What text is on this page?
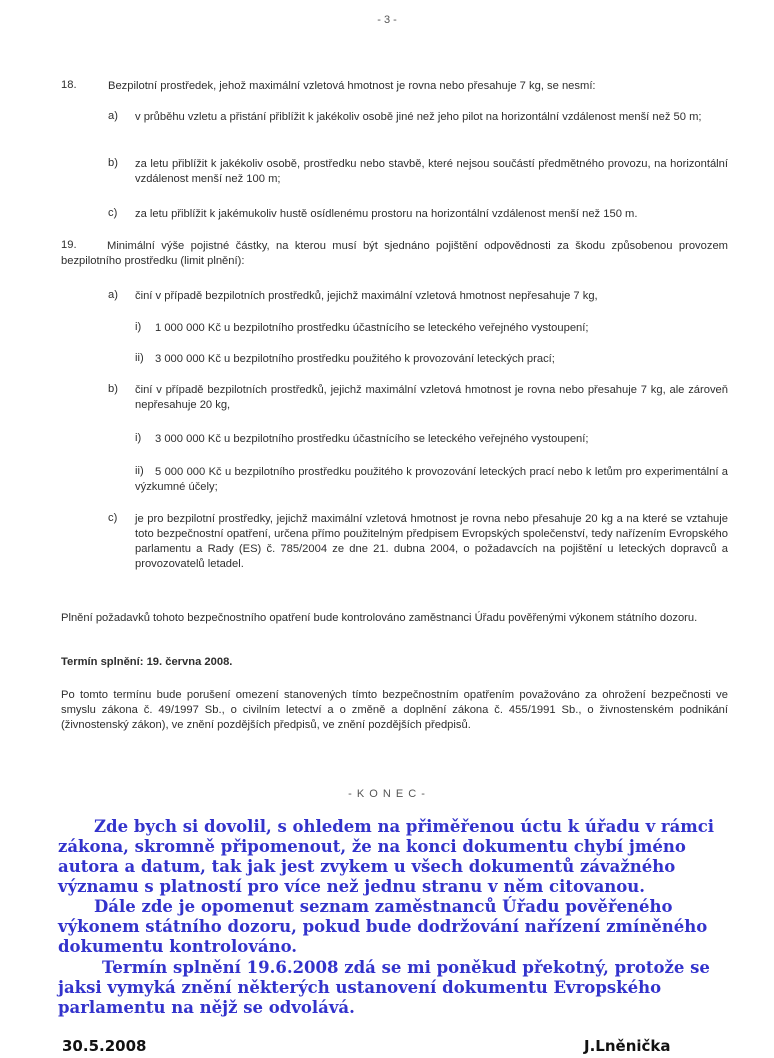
- 3 -
18.	Bezpilotní prostředek, jehož maximální vzletová hmotnost je rovna nebo přesahuje 7 kg, se nesmí:
a) v průběhu vzletu a přistání přiblížit k jakékoliv osobě jiné než jeho pilot na horizontální vzdálenost menší než 50 m;
b) za letu přiblížit k jakékoliv osobě, prostředku nebo stavbě, které nejsou součástí předmětného provozu, na horizontální vzdálenost menší než 100 m;
c) za letu přiblížit k jakémukoliv hustě osídlenému prostoru na horizontální vzdálenost menší než 150 m.
19.	Minimální výše pojistné částky, na kterou musí být sjednáno pojištění odpovědnosti za škodu způsobenou provozem bezpilotního prostředku (limit plnění):
a) činí v případě bezpilotních prostředků, jejichž maximální vzletová hmotnost nepřesahuje 7 kg,
i) 1 000 000 Kč u bezpilotního prostředku účastnícího se leteckého veřejného vystoupení;
ii) 3 000 000 Kč u bezpilotního prostředku použitého k provozování leteckých prací;
b) činí v případě bezpilotních prostředků, jejichž maximální vzletová hmotnost je rovna nebo přesahuje 7 kg, ale zároveň nepřesahuje 20 kg,
i) 3 000 000 Kč u bezpilotního prostředku účastnícího se leteckého veřejného vystoupení;
ii)	5 000 000 Kč u bezpilotního prostředku použitého k provozování leteckých prací nebo k letům pro experimentální a výzkumné účely;
c) je pro bezpilotní prostředky, jejichž maximální vzletová hmotnost je rovna nebo přesahuje 20 kg a na které se vztahuje toto bezpečnostní opatření, určena přímo použitelným předpisem Evropských společenství, tedy nařízením Evropského parlamentu a Rady (ES) č. 785/2004 ze dne 21. dubna 2004, o požadavcích na pojištění u leteckých dopravců a provozovatelů letadel.
Plnění požadavků tohoto bezpečnostního opatření bude kontrolováno zaměstnanci Úřadu pověřenými výkonem státního dozoru.
Termín splnění: 19. června 2008.
Po tomto termínu bude porušení omezení stanovených tímto bezpečnostním opatřením považováno za ohrožení bezpečnosti ve smyslu zákona č. 49/1997 Sb., o civilním letectví a o změně a doplnění zákona č. 455/1991 Sb., o živnostenském podnikání (živnostenský zákon), ve znění pozdějších předpisů, ve znění pozdějších předpisů.
- K O N E C -
Zde bych si dovolil, s ohledem na přiměřenou úctu k úřadu v rámci zákona, skromně připomenout, že na konci dokumentu chybí jméno autora a datum, tak jak jest zvykem u všech dokumentů závažného významu s platností pro více než jednu stranu v něm citovanou.
Dále zde je opomenut seznam zaměstnanců Úřadu pověřeného výkonem státního dozoru, pokud bude dodržování nařízení zmíněného dokumentu kontrolováno.
Termín splnění 19.6.2008 zdá se mi poněkud překotný, protože se jaksi vymyká znění některých ustanovení dokumentu Evropského parlamentu na nějž se odvolává.
30.5.2008	J.Lněnička
